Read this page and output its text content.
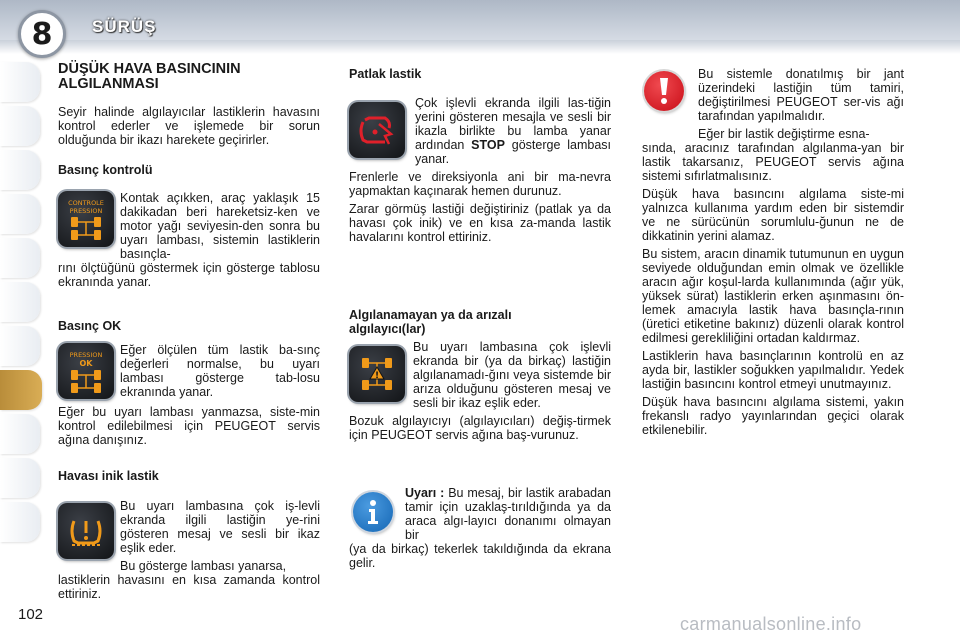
8	SÜRÜŞ
DÜŞÜK HAVA BASINCININ ALGILANMASI

Seyir halinde algılayıcılar lastiklerin havasını kontrol ederler ve işlemede bir sorun olduğunda bir ikazı harekete geçirirler.

Basınç kontrolü
CONTROLE
PRESSION

Kontak açıkken, araç yaklaşık 15 dakikadan beri hareketsiz-ken ve motor yağı seviyesin-den sonra bu uyarı lambası, sistemin lastiklerin basınçla-

rını ölçtüğünü göstermek için gösterge tablosu ekranında yanar.

Basınç OK
PRESSION
OK

Eğer ölçülen tüm lastik ba-sınç değerleri normalse, bu uyarı lambası gösterge tab-losu ekranında yanar.

Eğer bu uyarı lambası yanmazsa, siste-min kontrol edilebilmesi için PEUGEOT servis ağına danışınız.

Havası inik lastik

Bu uyarı lambasına çok iş-levli ekranda ilgili lastiğin ye-rini gösteren mesaj ve sesli bir ikaz eşlik eder.

Bu gösterge lambası yanarsa,

lastiklerin havasını en kısa zamanda kontrol ettiriniz.

Patlak lastik

Çok işlevli ekranda ilgili las-tiğin yerini gösteren mesajla ve sesli bir ikazla birlikte bu lamba yanar ardından STOP gösterge lambası yanar.

Frenlerle ve direksiyonla ani bir ma-nevra yapmaktan kaçınarak hemen durunuz.

Zarar görmüş lastiği değiştiriniz (patlak ya da havası çok inik) ve en kısa za-manda lastik havalarını kontrol ettiriniz.

Algılanamayan ya da arızalı algılayıcı(lar)
!

Bu uyarı lambasına çok işlevli ekranda bir (ya da birkaç) lastiğin algılanamadı-ğını veya sistemde bir arıza olduğunu gösteren mesaj ve sesli bir ikaz eşlik eder.

Bozuk algılayıcıyı (algılayıcıları) değiş-tirmek için PEUGEOT servis ağına baş-vurunuz.

Uyarı : Bu mesaj, bir lastik arabadan tamir için uzaklaş-tırıldığında ya da araca algı-layıcı donanımı olmayan bir

(ya da birkaç) tekerlek takıldığında da ekrana gelir.

Bu sistemle donatılmış bir jant üzerindeki lastiğin tüm tamiri, değiştirilmesi PEUGEOT ser-vis ağı tarafından yapılmalıdır.

Eğer bir lastik değiştirme esna-

sında, aracınız tarafından algılanma-yan bir lastik takarsanız, PEUGEOT servis ağına sistemi sıfırlatmalısınız.

Düşük hava basıncını algılama siste-mi yalnızca kullanıma yardım eden bir sistemdir ve ne sürücünün sorumlulu-ğunun ne de dikkatinin yerini alamaz.

Bu sistem, aracın dinamik tutumunun en uygun seviyede olduğundan emin olmak ve özellikle aracın ağır koşul-larda kullanımında (ağır yük, yüksek sürat) lastiklerin erken aşınmasını ön-lemek amacıyla lastik hava basınçla-rının (üretici etiketine bakınız) düzenli olarak kontrol edilmesi gerekliliğini ortadan kaldırmaz.

Lastiklerin hava basınçlarının kontrolü en az ayda bir, lastikler soğukken yapılmalıdır. Yedek lastiğin basıncını kontrol etmeyi unutmayınız.

Düşük hava basıncını algılama sistemi, yakın frekanslı radyo yayınlarından geçici olarak etkilenebilir.

102	carmanualsonline.info
